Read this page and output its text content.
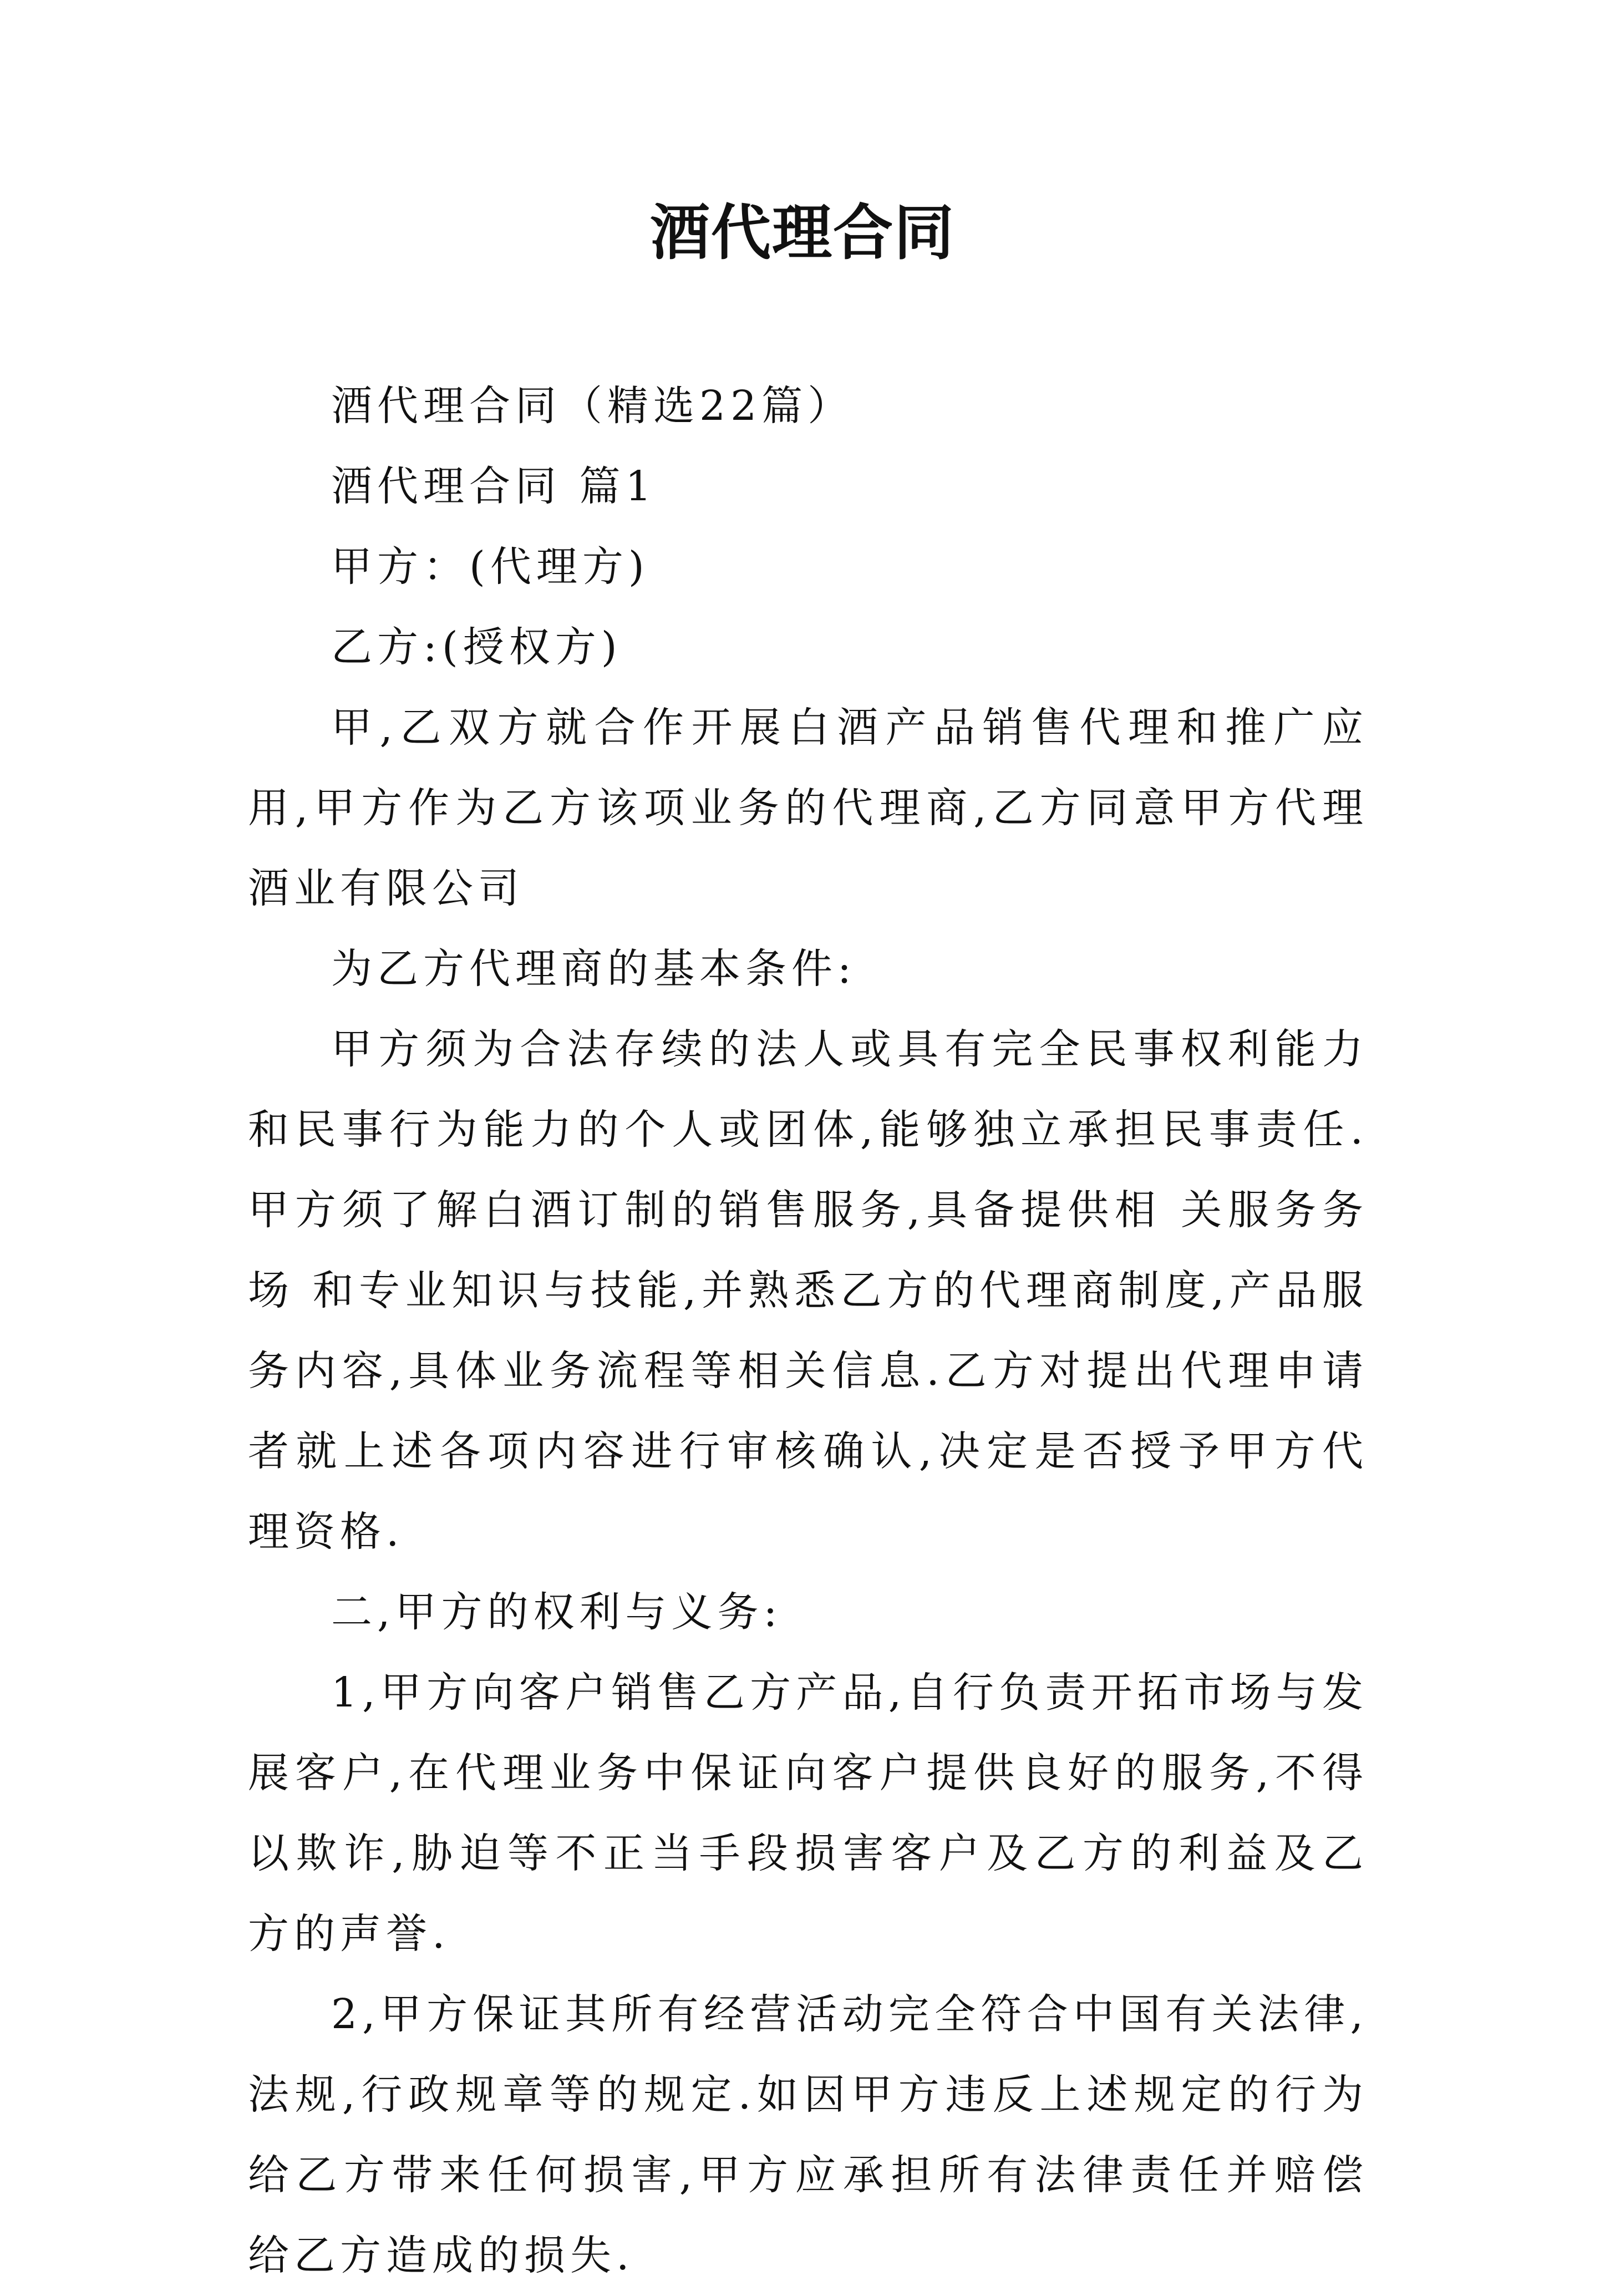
酒代理合同

酒代理合同（精选22篇）

酒代理合同 篇1

甲方：(代理方)

乙方:(授权方)

甲,乙双方就合作开展白酒产品销售代理和推广应用,甲方作为乙方该项业务的代理商,乙方同意甲方代理酒业有限公司

为乙方代理商的基本条件:

甲方须为合法存续的法人或具有完全民事权利能力和民事行为能力的个人或团体,能够独立承担民事责任.甲方须了解白酒订制的销售服务,具备提供相 关服务务场 和专业知识与技能,并熟悉乙方的代理商制度,产品服务内容,具体业务流程等相关信息.乙方对提出代理申请者就上述各项内容进行审核确认,决定是否授予甲方代理资格.

二,甲方的权利与义务:

1,甲方向客户销售乙方产品,自行负责开拓市场与发展客户,在代理业务中保证向客户提供良好的服务,不得以欺诈,胁迫等不正当手段损害客户及乙方的利益及乙方的声誉.

2,甲方保证其所有经营活动完全符合中国有关法律,法规,行政规章等的规定.如因甲方违反上述规定的行为给乙方带来任何损害,甲方应承担所有法律责任并赔偿给乙方造成的损失.
